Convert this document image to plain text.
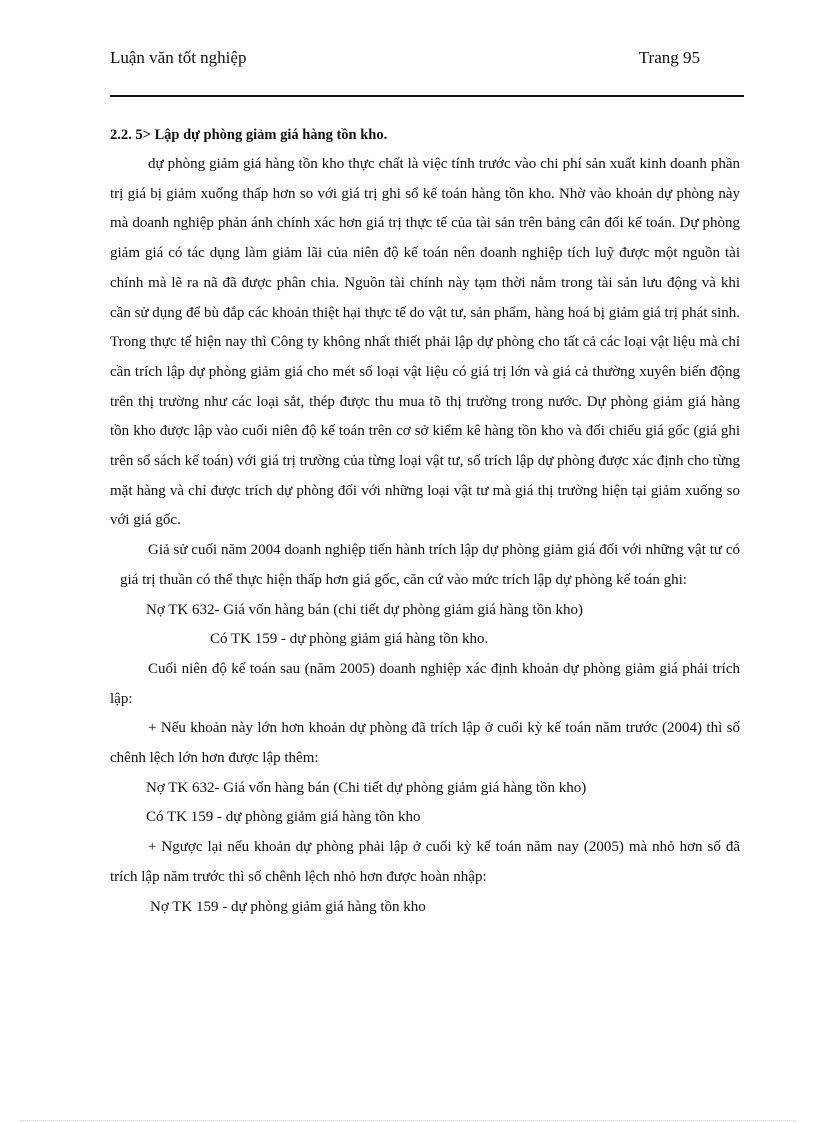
Luận văn tốt nghiệp	Trang 95

2.2. 5> Lập dự phòng giảm giá hàng tồn kho.

dự phòng giảm giá hàng tồn kho thực chất là việc tính trước vào chi phí sản xuất kinh doanh phần trị giá bị giảm xuống thấp hơn so với giá trị ghi sổ kế toán hàng tồn kho. Nhờ vào khoản dự phòng này mà doanh nghiệp phản ánh chính xác hơn giá trị thực tế của tài sản trên bảng cân đối kế toán. Dự phòng giảm giá có tác dụng làm giảm lãi của niên độ kế toán nên doanh nghiệp tích luỹ được một nguồn tài chính mà lẽ ra nã đã được phân chia. Nguồn tài chính này tạm thời nằm trong tài sản lưu động và khi cần sử dụng để bù đắp các khoản thiệt hại thực tế do vật tư, sản phẩm, hàng hoá bị giảm giá trị phát sinh. Trong thực tế hiện nay thì Công ty không nhất thiết phải lập dự phòng cho tất cả các loại vật liệu mà chỉ cần trích lập dự phòng giảm giá cho mét số loại vật liệu có giá trị lớn và giá cả thường xuyên biến động trên thị trường như các loại sắt, thép được thu mua tõ thị trường trong nước. Dự phòng giảm giá hàng tồn kho được lập vào cuối niên độ kế toán trên cơ sở kiểm kê hàng tồn kho và đối chiếu giá gốc (giá ghi trên sổ sách kế toán) với giá trị trường của từng loại vật tư, số trích lập dự phòng được xác định cho từng mặt hàng và chỉ được trích dự phòng đối với những loại vật tư mà giá thị trường hiện tại giảm xuống so với giá gốc.

Giả sử cuối năm 2004 doanh nghiệp tiến hành trích lập dự phòng giảm giá đối với những vật tư có giá trị thuần có thể thực hiện thấp hơn giá gốc, căn cứ vào mức trích lập dự phòng kế toán ghi:

Nợ TK 632- Giá vốn hàng bán (chi tiết dự phòng giảm giá hàng tồn kho)

Có TK 159 - dự phòng giảm giá hàng tồn kho.

Cuối niên độ kế toán sau (năm 2005) doanh nghiệp xác định khoản dự phòng giảm giá phải trích lập:

+ Nếu khoản này lớn hơn khoản dự phòng đã trích lập ở cuối kỳ kế toán năm trước (2004) thì số chênh lệch lớn hơn được lập thêm:

Nợ TK 632- Giá vốn hàng bán (Chi tiết dự phòng giảm giá hàng tồn kho)

Có TK 159 - dự phòng giảm giá hàng tồn kho

+ Ngược lại nếu khoản dự phòng phải lập ở cuối kỳ kế toán năm nay (2005) mà nhỏ hơn số đã trích lập năm trước thì số chênh lệch nhỏ hơn được hoàn nhập:

Nợ TK 159 - dự phòng giảm giá hàng tồn kho
